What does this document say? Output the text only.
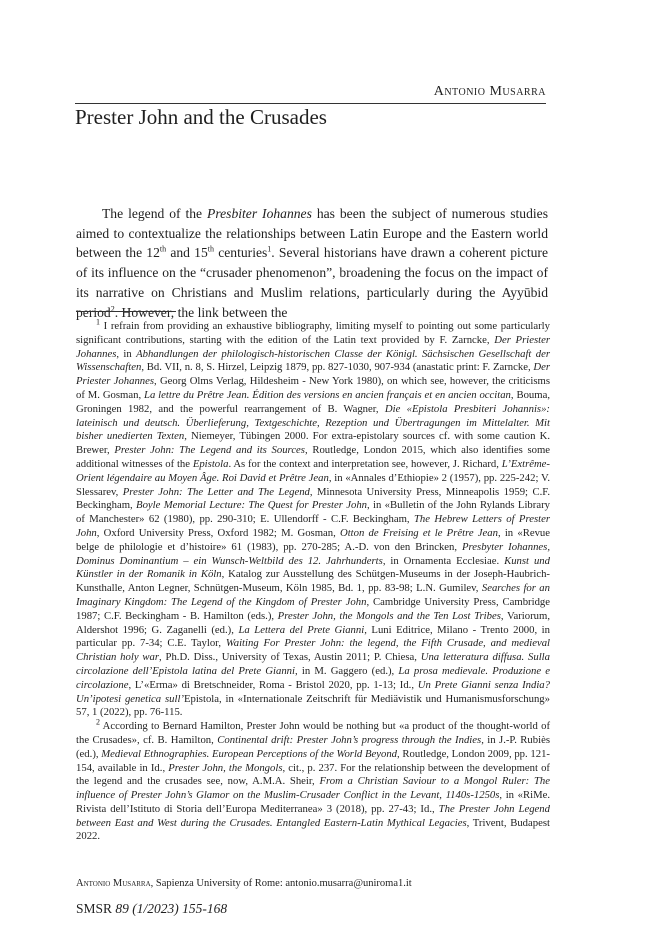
Antonio Musarra
Prester John and the Crusades

The legend of the Presbiter Iohannes has been the subject of numerous studies aimed to contextualize the relationships between Latin Europe and the Eastern world between the 12th and 15th centuries$^1$. Several historians have drawn a coherent picture of its influence on the “crusader phenomenon”, broadening the focus on the impact of its narrative on Christians and Muslim relations, particularly during the Ayyūbid period$^2$. However, the link between the

$^1$ I refrain from providing an exhaustive bibliography, limiting myself to pointing out some particularly significant contributions, starting with the edition of the Latin text provided by F. Zarncke, Der Priester Johannes, in Abhandlungen der philologisch-historischen Classe der Königl. Sächsischen Gesellschaft der Wissenschaften, Bd. VII, n. 8, S. Hirzel, Leipzig 1879, pp. 827-1030, 907-934 (anastatic print: F. Zarncke, Der Priester Johannes, Georg Olms Verlag, Hildesheim - New York 1980), on which see, however, the criticisms of M. Gosman, La lettre du Prêtre Jean. Édition des versions en ancien français et en ancien occitan, Bouma, Groningen 1982, and the powerful rearrangement of B. Wagner, Die «Epistola Presbiteri Johannis»: lateinisch und deutsch. Überlieferung, Textgeschichte, Rezeption und Übertragungen im Mittelalter. Mit bisher unedierten Texten, Niemeyer, Tübingen 2000. For extra-epistolary sources cf. with some caution K. Brewer, Prester John: The Legend and its Sources, Routledge, London 2015, which also identifies some additional witnesses of the Epistola. As for the context and interpretation see, however, J. Richard, L’Extrême-Orient légendaire au Moyen Âge. Roi David et Prêtre Jean, in «Annales d’Ethiopie» 2 (1957), pp. 225-242; V. Slessarev, Prester John: The Letter and The Legend, Minnesota University Press, Minneapolis 1959; C.F. Beckingham, Boyle Memorial Lecture: The Quest for Prester John, in «Bulletin of the John Rylands Library of Manchester» 62 (1980), pp. 290-310; E. Ullendorff - C.F. Beckingham, The Hebrew Letters of Prester John, Oxford University Press, Oxford 1982; M. Gosman, Otton de Freising et le Prêtre Jean, in «Revue belge de philologie et d’histoire» 61 (1983), pp. 270-285; A.-D. von den Brincken, Presbyter Iohannes, Dominus Dominantium – ein Wunsch-Weltbild des 12. Jahrhunderts, in Ornamenta Ecclesiae. Kunst und Künstler in der Romanik in Köln, Katalog zur Ausstellung des Schütgen-Museums in der Joseph-Haubrich-Kunsthalle, Anton Legner, Schnütgen-Museum, Köln 1985, Bd. 1, pp. 83-98; L.N. Gumilev, Searches for an Imaginary Kingdom: The Legend of the Kingdom of Prester John, Cambridge University Press, Cambridge 1987; C.F. Beckingham - B. Hamilton (eds.), Prester John, the Mongols and the Ten Lost Tribes, Variorum, Aldershot 1996; G. Zaganelli (ed.), La Lettera del Prete Gianni, Luni Editrice, Milano - Trento 2000, in particular pp. 7-34; C.E. Taylor, Waiting For Prester John: the legend, the Fifth Crusade, and medieval Christian holy war, Ph.D. Diss., University of Texas, Austin 2011; P. Chiesa, Una letteratura diffusa. Sulla circolazione dell’Epistola latina del Prete Gianni, in M. Gaggero (ed.), La prosa medievale. Produzione e circolazione, L’«Erma» di Bretschneider, Roma - Bristol 2020, pp. 1-13; Id., Un Prete Gianni senza India? Un’ipotesi genetica sull’Epistola, in «Internationale Zeitschrift für Mediävistik und Humanismusforschung» 57, 1 (2022), pp. 76-115.

$^2$ According to Bernard Hamilton, Prester John would be nothing but «a product of the thought-world of the Crusades», cf. B. Hamilton, Continental drift: Prester John’s progress through the Indies, in J.-P. Rubiès (ed.), Medieval Ethnographies. European Perceptions of the World Beyond, Routledge, London 2009, pp. 121-154, available in Id., Prester John, the Mongols, cit., p. 237. For the relationship between the development of the legend and the crusades see, now, A.M.A. Sheir, From a Christian Saviour to a Mongol Ruler: The influence of Prester John’s Glamor on the Muslim-Crusader Conflict in the Levant, 1140s-1250s, in «RiMe. Rivista dell’Istituto di Storia dell’Europa Mediterranea» 3 (2018), pp. 27-43; Id., The Prester John Legend between East and West during the Crusades. Entangled Eastern-Latin Mythical Legacies, Trivent, Budapest 2022.

Antonio Musarra, Sapienza University of Rome: antonio.musarra@uniroma1.it
SMSR 89 (1/2023) 155-168
